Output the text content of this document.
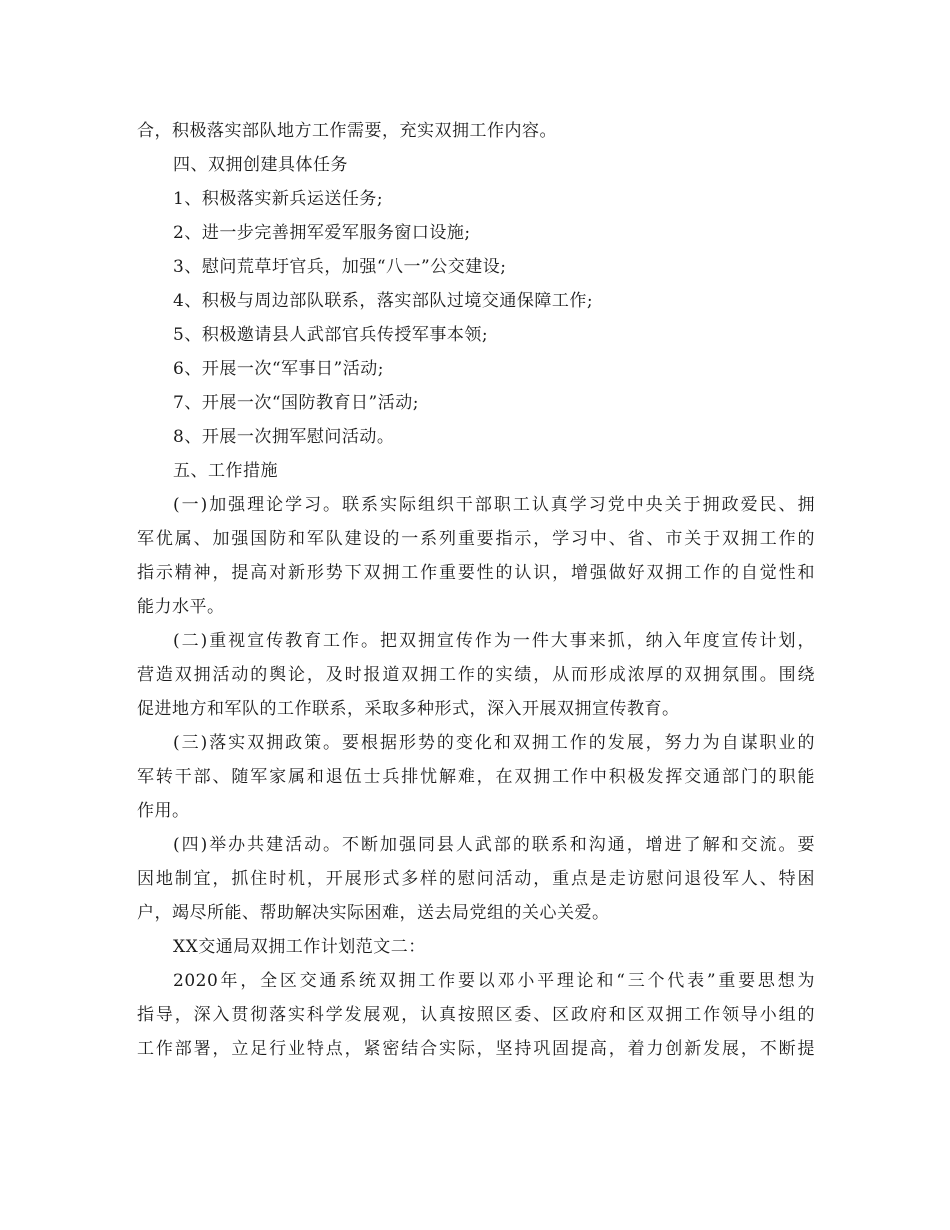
合，积极落实部队地方工作需要，充实双拥工作内容。
四、双拥创建具体任务
1、积极落实新兵运送任务;
2、进一步完善拥军爱军服务窗口设施;
3、慰问荒草圩官兵，加强“八一”公交建设;
4、积极与周边部队联系，落实部队过境交通保障工作;
5、积极邀请县人武部官兵传授军事本领;
6、开展一次“军事日”活动;
7、开展一次“国防教育日”活动;
8、开展一次拥军慰问活动。
五、工作措施
(一)加强理论学习。联系实际组织干部职工认真学习党中央关于拥政爱民、拥
军优属、加强国防和军队建设的一系列重要指示，学习中、省、市关于双拥工作的
指示精神，提高对新形势下双拥工作重要性的认识，增强做好双拥工作的自觉性和
能力水平。
(二)重视宣传教育工作。把双拥宣传作为一件大事来抓，纳入年度宣传计划，
营造双拥活动的舆论，及时报道双拥工作的实绩，从而形成浓厚的双拥氛围。围绕
促进地方和军队的工作联系，采取多种形式，深入开展双拥宣传教育。
(三)落实双拥政策。要根据形势的变化和双拥工作的发展，努力为自谋职业的
军转干部、随军家属和退伍士兵排忧解难，在双拥工作中积极发挥交通部门的职能
作用。
(四)举办共建活动。不断加强同县人武部的联系和沟通，增进了解和交流。要
因地制宜，抓住时机，开展形式多样的慰问活动，重点是走访慰问退役军人、特困
户，竭尽所能、帮助解决实际困难，送去局党组的关心关爱。
XX交通局双拥工作计划范文二：
2020年，全区交通系统双拥工作要以邓小平理论和“三个代表”重要思想为
指导，深入贯彻落实科学发展观，认真按照区委、区政府和区双拥工作领导小组的
工作部署，立足行业特点，紧密结合实际，坚持巩固提高，着力创新发展，不断提
